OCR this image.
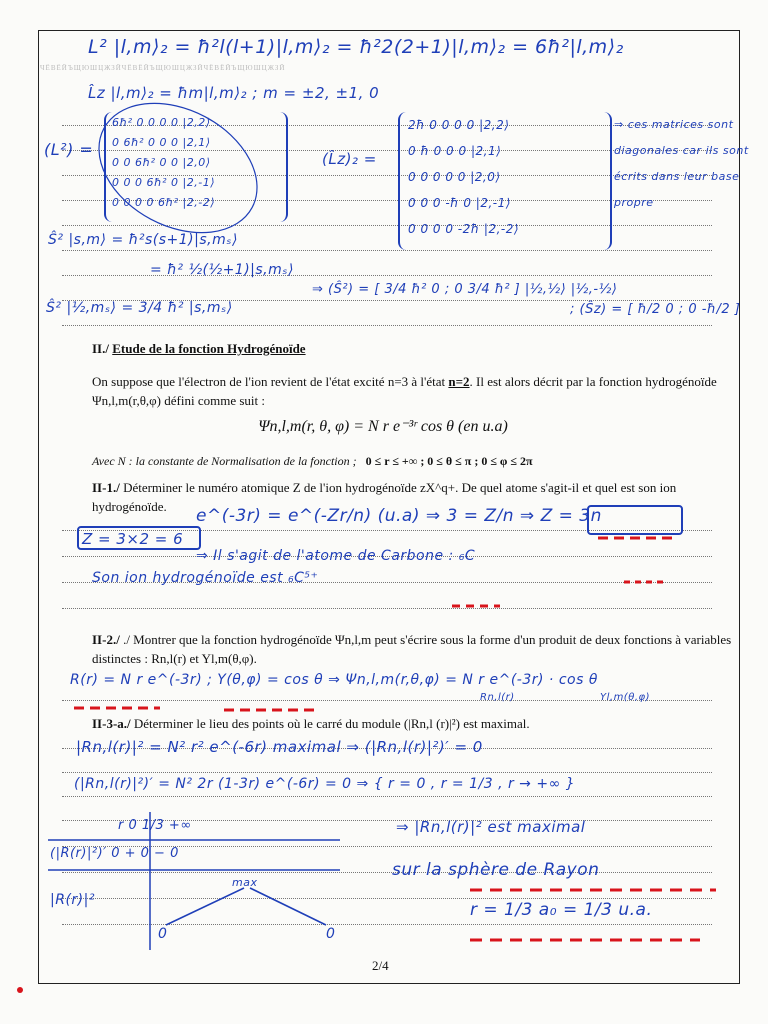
ЧЁВЁЙЪЩЮШЦЖЗЙЧЁВЁЙЪЩЮШЦЖЗЙЧЁВЁЙЪЩЮШЦЖЗЙ
L² |l,m⟩₂ = ħ²l(l+1)|l,m⟩₂ = ħ²2(2+1)|l,m⟩₂ = 6ħ²|l,m⟩₂
L̂z |l,m⟩₂ = ħm|l,m⟩₂ ; m = ±2, ±1, 0
(L²) =
6ħ² 0 0 0 0 |2,2⟩
0 6ħ² 0 0 0 |2,1⟩
0 0 6ħ² 0 0 |2,0⟩
0 0 0 6ħ² 0 |2,-1⟩
0 0 0 0 6ħ² |2,-2⟩
(L̂z)₂ =
2ħ 0 0 0 0 |2,2⟩
0 ħ 0 0 0 |2,1⟩
0 0 0 0 0 |2,0⟩
0 0 0 -ħ 0 |2,-1⟩
0 0 0 0 -2ħ |2,-2⟩
⇒ ces matrices sont diagonales car ils sont écrits dans leur base propre
Ŝ² |s,m⟩ = ħ²s(s+1)|s,mₛ⟩
= ħ² ½(½+1)|s,mₛ⟩
Ŝ² |½,mₛ⟩ = 3/4 ħ² |s,mₛ⟩
⇒ (Ŝ²) = [ 3/4 ħ² 0 ; 0 3/4 ħ² ] |½,½⟩ |½,-½⟩
; (Ŝz) = [ ħ/2 0 ; 0 -ħ/2 ]
II./ Etude de la fonction Hydrogénoïde
On suppose que l'électron de l'ion revient de l'état excité n=3 à l'état n=2. Il est alors décrit par la fonction hydrogénoïde Ψn,l,m(r,θ,φ) défini comme suit :
Ψn,l,m(r, θ, φ) = N r e⁻³ʳ cos θ (en u.a)
Avec N : la constante de Normalisation de la fonction ; 0 ≤ r ≤ +∞ ; 0 ≤ θ ≤ π ; 0 ≤ φ ≤ 2π
II-1./ Déterminer le numéro atomique Z de l'ion hydrogénoïde zX^q+. De quel atome s'agit-il et quel est son ion hydrogénoïde.	e^(-3r) = e^(-Zr/n) (u.a) ⇒ 3 = Z/n ⇒ Z = 3n
Z = 3×2 = 6
⇒ Il s'agit de l'atome de Carbone : ₆C
Son ion hydrogénoïde est ₆C⁵⁺
II-2./ ./ Montrer que la fonction hydrogénoïde Ψn,l,m peut s'écrire sous la forme d'un produit de deux fonctions à variables distinctes : Rn,l(r) et Yl,m(θ,φ).
R(r) = N r e^(-3r) ; Y(θ,φ) = cos θ ⇒ Ψn,l,m(r,θ,φ) = N r e^(-3r) · cos θ
Rn,l(r)	Yl,m(θ,φ)
II-3-a./ Déterminer le lieu des points où le carré du module (|Rn,l (r)|²) est maximal.
|Rn,l(r)|² = N² r² e^(-6r) maximal ⇒ (|Rn,l(r)|²)′ = 0
(|Rn,l(r)|²)′ = N² 2r (1-3r) e^(-6r) = 0 ⇒ { r = 0 , r = 1/3 , r → +∞ }
r 0 1/3 +∞
(|R(r)|²)′ 0 + 0 − 0
|R(r)|²
max
0	0
⇒ |Rn,l(r)|² est maximal
sur la sphère de Rayon
r = 1/3 a₀ = 1/3 u.a.
2/4
